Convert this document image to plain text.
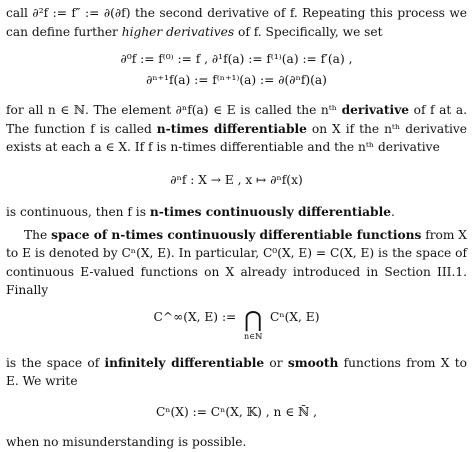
call ∂²f := f″ := ∂(∂f) the second derivative of f. Repeating this process we can define further higher derivatives of f. Specifically, we set

∂⁰f := f⁽⁰⁾ := f , ∂¹f(a) := f⁽¹⁾(a) := f′(a) ,
∂ⁿ⁺¹f(a) := f⁽ⁿ⁺¹⁾(a) := ∂(∂ⁿf)(a)

for all n ∈ ℕ. The element ∂ⁿf(a) ∈ E is called the nᵗʰ derivative of f at a. The function f is called n-times differentiable on X if the nᵗʰ derivative exists at each a ∈ X. If f is n-times differentiable and the nᵗʰ derivative

∂ⁿf : X → E , x ↦ ∂ⁿf(x)

is continuous, then f is n-times continuously differentiable.

The space of n-times continuously differentiable functions from X to E is denoted by Cⁿ(X, E). In particular, C⁰(X, E) = C(X, E) is the space of continuous E-valued functions on X already introduced in Section III.1. Finally

C^∞(X, E) := ⋂
n∈ℕ
Cⁿ(X, E)

is the space of infinitely differentiable or smooth functions from X to E. We write

Cⁿ(X) := Cⁿ(X, 𝕂) , n ∈ ℕ̄ ,

when no misunderstanding is possible.
